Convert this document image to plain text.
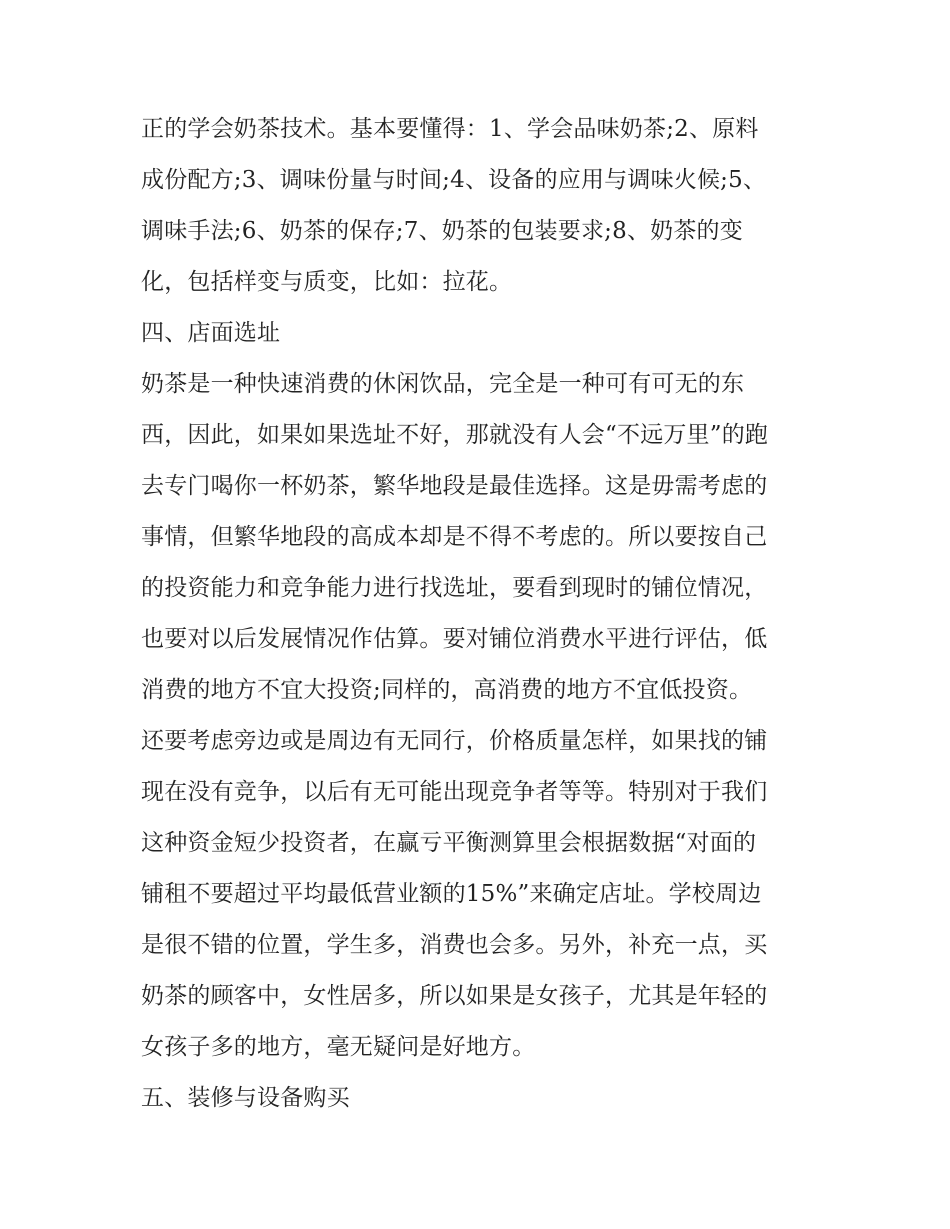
正的学会奶茶技术。基本要懂得：1、学会品味奶茶;2、原料
成份配方;3、调味份量与时间;4、设备的应用与调味火候;5、
调味手法;6、奶茶的保存;7、奶茶的包装要求;8、奶茶的变
化，包括样变与质变，比如：拉花。
四、店面选址
奶茶是一种快速消费的休闲饮品，完全是一种可有可无的东
西，因此，如果如果选址不好，那就没有人会“不远万里”的跑
去专门喝你一杯奶茶，繁华地段是最佳选择。这是毋需考虑的
事情，但繁华地段的高成本却是不得不考虑的。所以要按自己
的投资能力和竞争能力进行找选址，要看到现时的铺位情况，
也要对以后发展情况作估算。要对铺位消费水平进行评估，低
消费的地方不宜大投资;同样的，高消费的地方不宜低投资。
还要考虑旁边或是周边有无同行，价格质量怎样，如果找的铺
现在没有竞争，以后有无可能出现竞争者等等。特别对于我们
这种资金短少投资者，在赢亏平衡测算里会根据数据“对面的
铺租不要超过平均最低营业额的15%”来确定店址。学校周边
是很不错的位置，学生多，消费也会多。另外，补充一点，买
奶茶的顾客中，女性居多，所以如果是女孩子，尤其是年轻的
女孩子多的地方，毫无疑问是好地方。
五、装修与设备购买
